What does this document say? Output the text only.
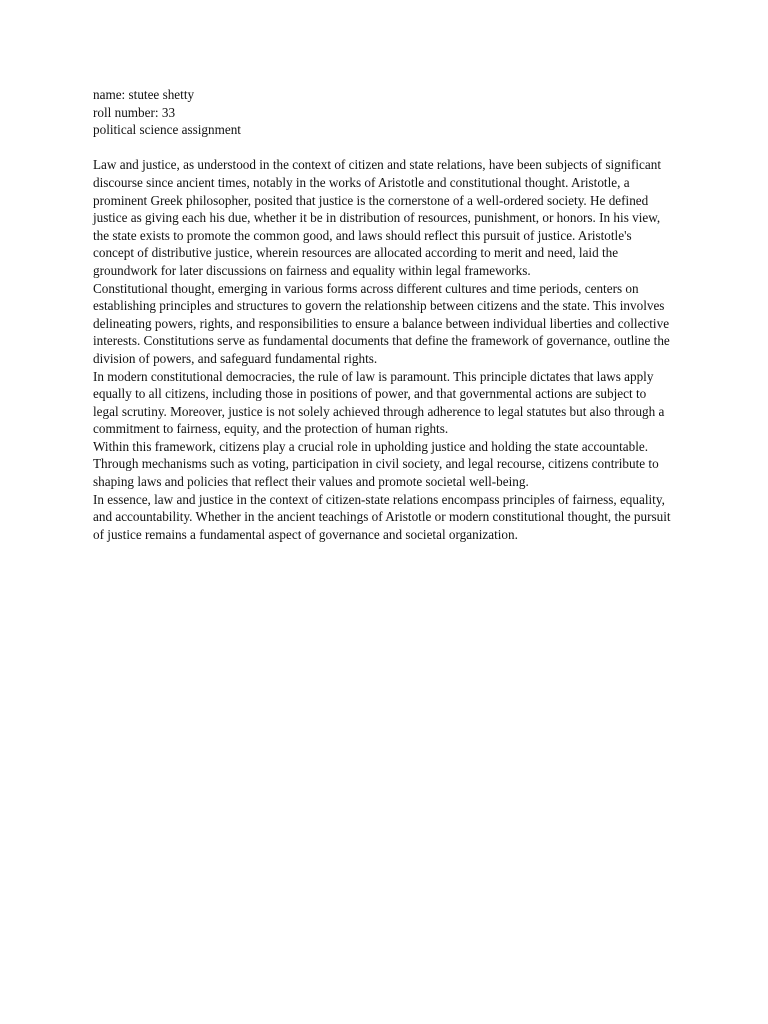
name: stutee shetty
roll number: 33
political science assignment

Law and justice, as understood in the context of citizen and state relations, have been subjects of significant discourse since ancient times, notably in the works of Aristotle and constitutional thought. Aristotle, a prominent Greek philosopher, posited that justice is the cornerstone of a well-ordered society. He defined justice as giving each his due, whether it be in distribution of resources, punishment, or honors. In his view, the state exists to promote the common good, and laws should reflect this pursuit of justice. Aristotle's concept of distributive justice, wherein resources are allocated according to merit and need, laid the groundwork for later discussions on fairness and equality within legal frameworks.

Constitutional thought, emerging in various forms across different cultures and time periods, centers on establishing principles and structures to govern the relationship between citizens and the state. This involves delineating powers, rights, and responsibilities to ensure a balance between individual liberties and collective interests. Constitutions serve as fundamental documents that define the framework of governance, outline the division of powers, and safeguard fundamental rights.

In modern constitutional democracies, the rule of law is paramount. This principle dictates that laws apply equally to all citizens, including those in positions of power, and that governmental actions are subject to legal scrutiny. Moreover, justice is not solely achieved through adherence to legal statutes but also through a commitment to fairness, equity, and the protection of human rights.

Within this framework, citizens play a crucial role in upholding justice and holding the state accountable. Through mechanisms such as voting, participation in civil society, and legal recourse, citizens contribute to shaping laws and policies that reflect their values and promote societal well-being.

In essence, law and justice in the context of citizen-state relations encompass principles of fairness, equality, and accountability. Whether in the ancient teachings of Aristotle or modern constitutional thought, the pursuit of justice remains a fundamental aspect of governance and societal organization.
